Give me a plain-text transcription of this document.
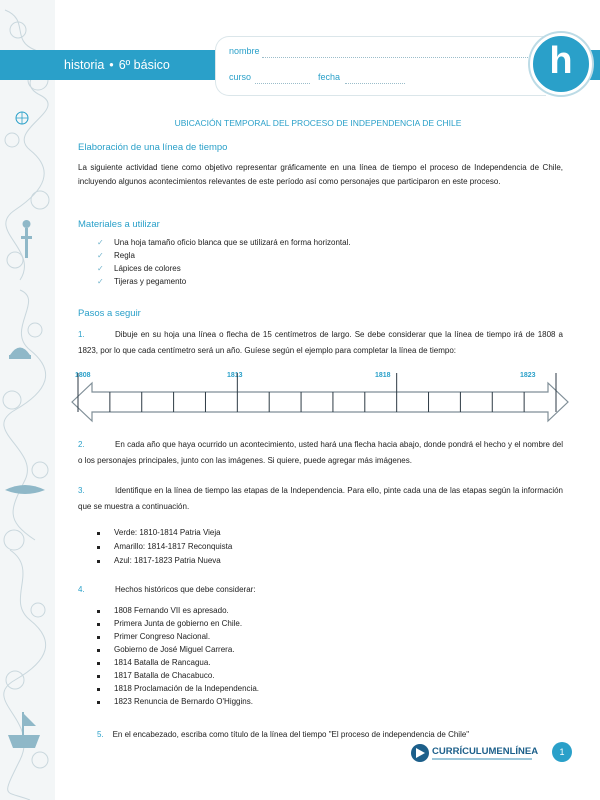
historia • 6º básico
nombre
curso	fecha	h
UBICACIÓN TEMPORAL DEL PROCESO DE INDEPENDENCIA DE CHILE
Elaboración de una línea de tiempo
La siguiente actividad tiene como objetivo representar gráficamente en una línea de tiempo el proceso de Independencia de Chile, incluyendo algunos acontecimientos relevantes de este período así como personajes que participaron en este proceso.
Materiales a utilizar
✓ Una hoja tamaño oficio blanca que se utilizará en forma horizontal.
✓ Regla
✓ Lápices de colores
✓ Tijeras y pegamento
Pasos a seguir
1.	Dibuje en su hoja una línea o flecha de 15 centímetros de largo. Se debe considerar que la línea de tiempo irá de 1808 a 1823, por lo que cada centímetro será un año. Guíese según el ejemplo para completar la línea de tiempo:
1808	1813	1818	1823
2.	En cada año que haya ocurrido un acontecimiento, usted hará una flecha hacia abajo, donde pondrá el hecho y el nombre del o los personajes principales, junto con las imágenes. Si quiere, puede agregar más imágenes.
3.	Identifique en la línea de tiempo las etapas de la Independencia. Para ello, pinte cada una de las etapas según la información que se muestra a continuación.
Verde: 1810-1814 Patria Vieja
Amarillo: 1814-1817 Reconquista
Azul: 1817-1823 Patria Nueva
4.	Hechos históricos que debe considerar:
1808 Fernando VII es apresado.
Primera Junta de gobierno en Chile.
Primer Congreso Nacional.
Gobierno de José Miguel Carrera.
1814 Batalla de Rancagua.
1817 Batalla de Chacabuco.
1818 Proclamación de la Independencia.
1823 Renuncia de Bernardo O'Higgins.
5. En el encabezado, escriba como título de la línea del tiempo "El proceso de independencia de Chile"
CURRÍCULUMENLÍNEA	1
